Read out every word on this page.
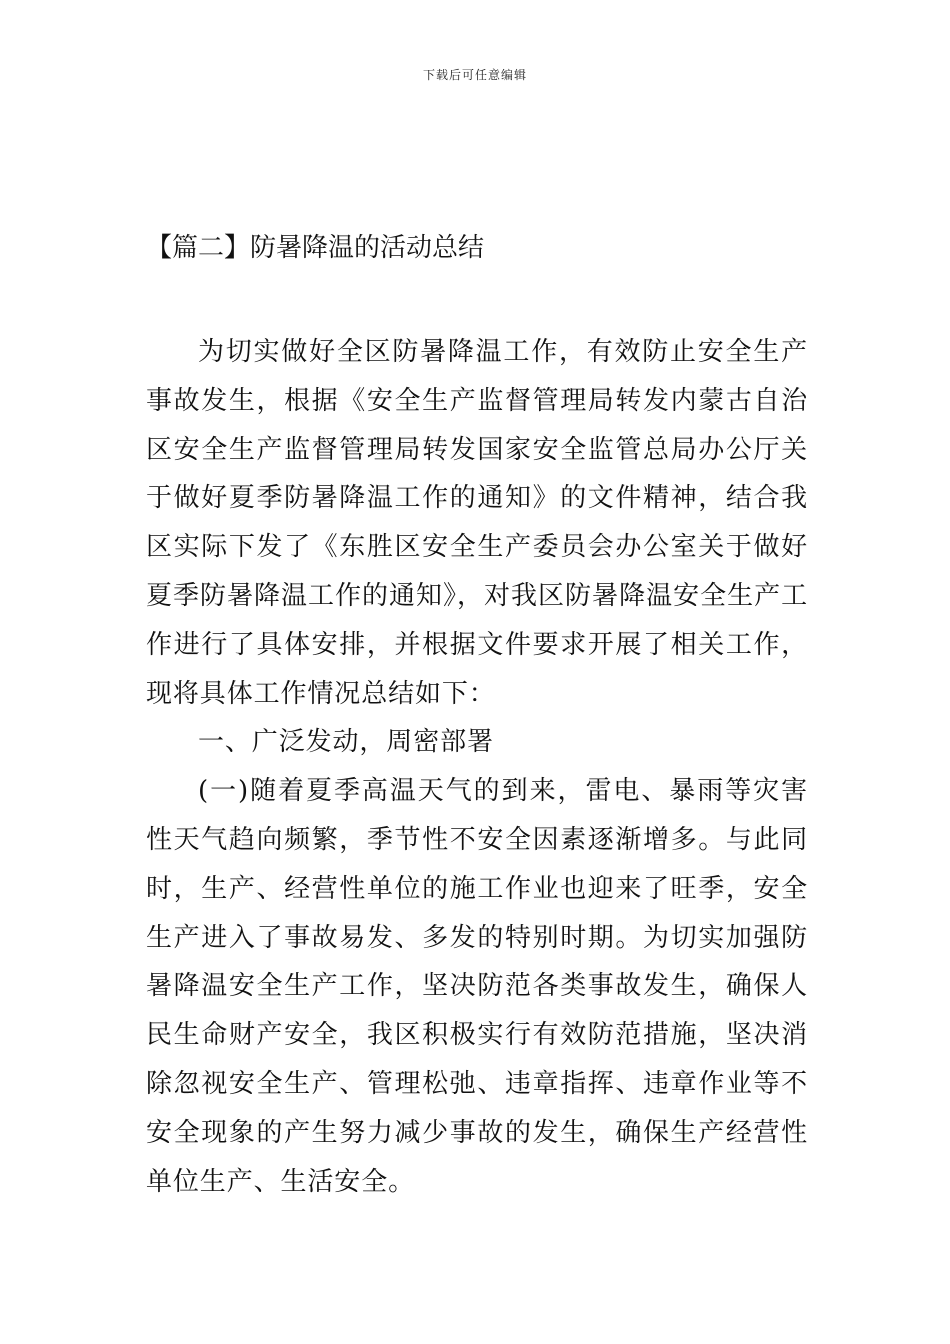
下载后可任意编辑
【篇二】防暑降温的活动总结

为切实做好全区防暑降温工作，有效防止安全生产事故发生，根据《安全生产监督管理局转发内蒙古自治区安全生产监督管理局转发国家安全监管总局办公厅关于做好夏季防暑降温工作的通知》的文件精神，结合我区实际下发了《东胜区安全生产委员会办公室关于做好夏季防暑降温工作的通知》，对我区防暑降温安全生产工作进行了具体安排，并根据文件要求开展了相关工作，现将具体工作情况总结如下：

一、广泛发动，周密部署

(一)随着夏季高温天气的到来，雷电、暴雨等灾害性天气趋向频繁，季节性不安全因素逐渐增多。与此同时，生产、经营性单位的施工作业也迎来了旺季，安全生产进入了事故易发、多发的特别时期。为切实加强防暑降温安全生产工作，坚决防范各类事故发生，确保人民生命财产安全，我区积极实行有效防范措施，坚决消除忽视安全生产、管理松弛、违章指挥、违章作业等不安全现象的产生努力减少事故的发生，确保生产经营性单位生产、生活安全。
